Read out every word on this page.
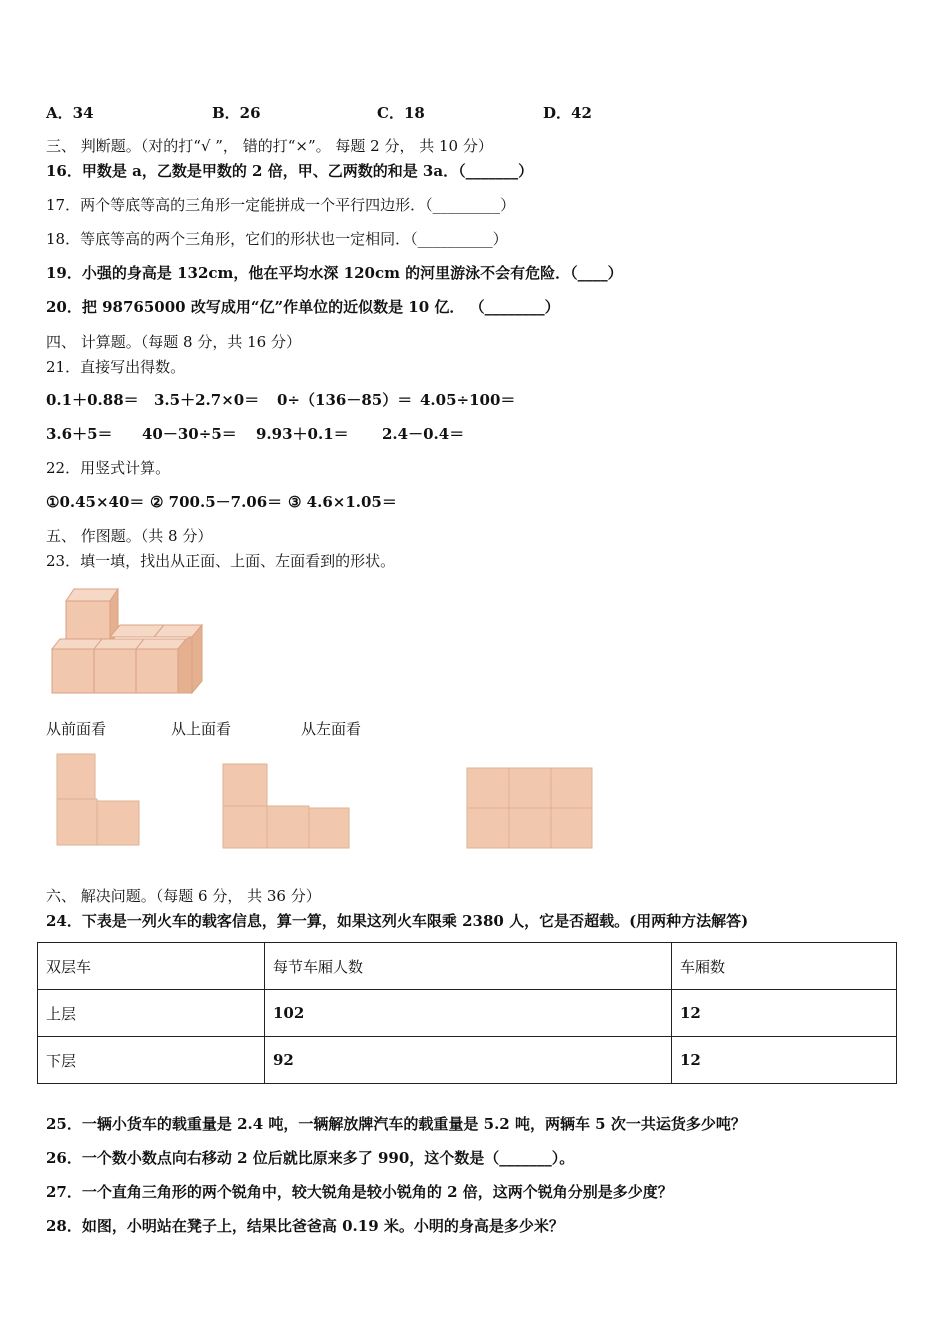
A．34	B．26	C．18	D．42
三、 判断题。（对的打“√ ”， 错的打“×”。 每题 2 分， 共 10 分）
16．甲数是 a，乙数是甲数的 2 倍，甲、乙两数的和是 3a．（_______）
17．两个等底等高的三角形一定能拼成一个平行四边形．（_________）
18．等底等高的两个三角形，它们的形状也一定相同．（__________）
19．小强的身高是 132cm，他在平均水深 120cm 的河里游泳不会有危险．（____）
20．把 98765000 改写成用“亿”作单位的近似数是 10 亿． （________）
四、 计算题。（每题 8 分，共 16 分）
21．直接写出得数。
0.1＋0.88＝ 3.5＋2.7×0＝ 0÷（136－85）＝ 4.05÷100＝
3.6＋5＝ 40－30÷5＝ 9.93＋0.1＝ 2.4－0.4＝
22．用竖式计算。
①0.45×40＝ ② 700.5－7.06＝ ③ 4.6×1.05＝
五、 作图题。（共 8 分）
23．填一填，找出从正面、上面、左面看到的形状。
从前面看	从上面看	从左面看
六、 解决问题。（每题 6 分， 共 36 分）
24．下表是一列火车的载客信息，算一算，如果这列火车限乘 2380 人，它是否超载。(用两种方法解答)
双层车	每节车厢人数	车厢数
上层	102	12
下层	92	12
25．一辆小货车的载重量是 2.4 吨，一辆解放牌汽车的载重量是 5.2 吨，两辆车 5 次一共运货多少吨？
26．一个数小数点向右移动 2 位后就比原来多了 990，这个数是（_______）。
27．一个直角三角形的两个锐角中，较大锐角是较小锐角的 2 倍，这两个锐角分别是多少度？
28．如图，小明站在凳子上，结果比爸爸高 0.19 米。小明的身高是多少米？
